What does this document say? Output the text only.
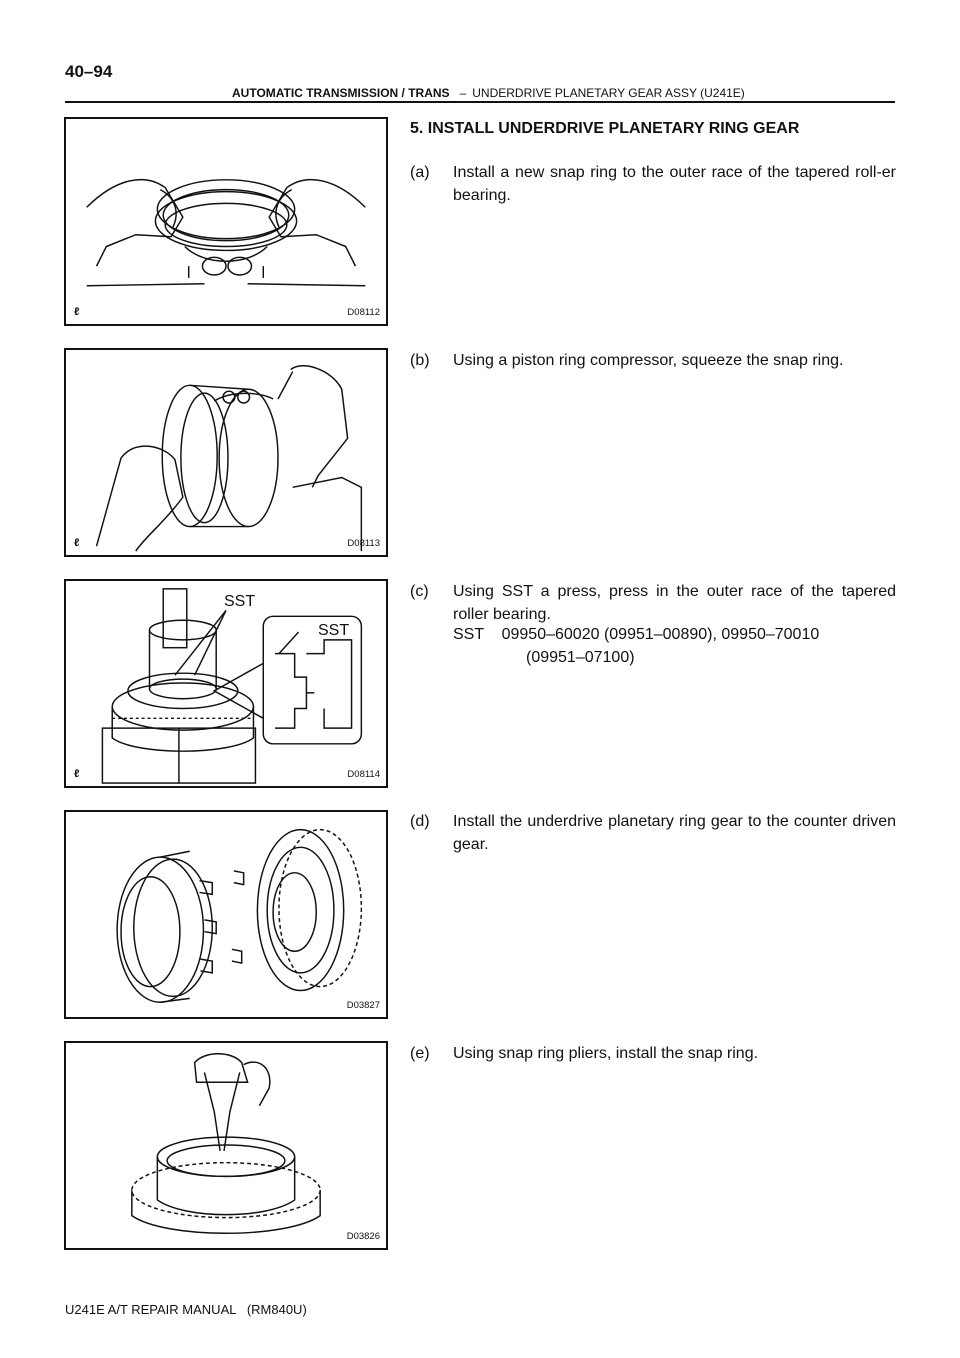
40–94
AUTOMATIC TRANSMISSION / TRANS – UNDERDRIVE PLANETARY GEAR ASSY (U241E)
ℓ	D08112
ℓ	D08113
SST
SST
ℓ	D08114
D03827
D03826
5. INSTALL UNDERDRIVE PLANETARY RING GEAR
(a) Install a new snap ring to the outer race of the tapered roll-er bearing.
(b) Using a piston ring compressor, squeeze the snap ring.
(c) Using SST a press, press in the outer race of the tapered roller bearing.
SST    09950–60020 (09951–00890), 09950–70010
(09951–07100)
(d) Install the underdrive planetary ring gear to the counter driven gear.
(e) Using snap ring pliers, install the snap ring.
U241E A/T REPAIR MANUAL   (RM840U)
